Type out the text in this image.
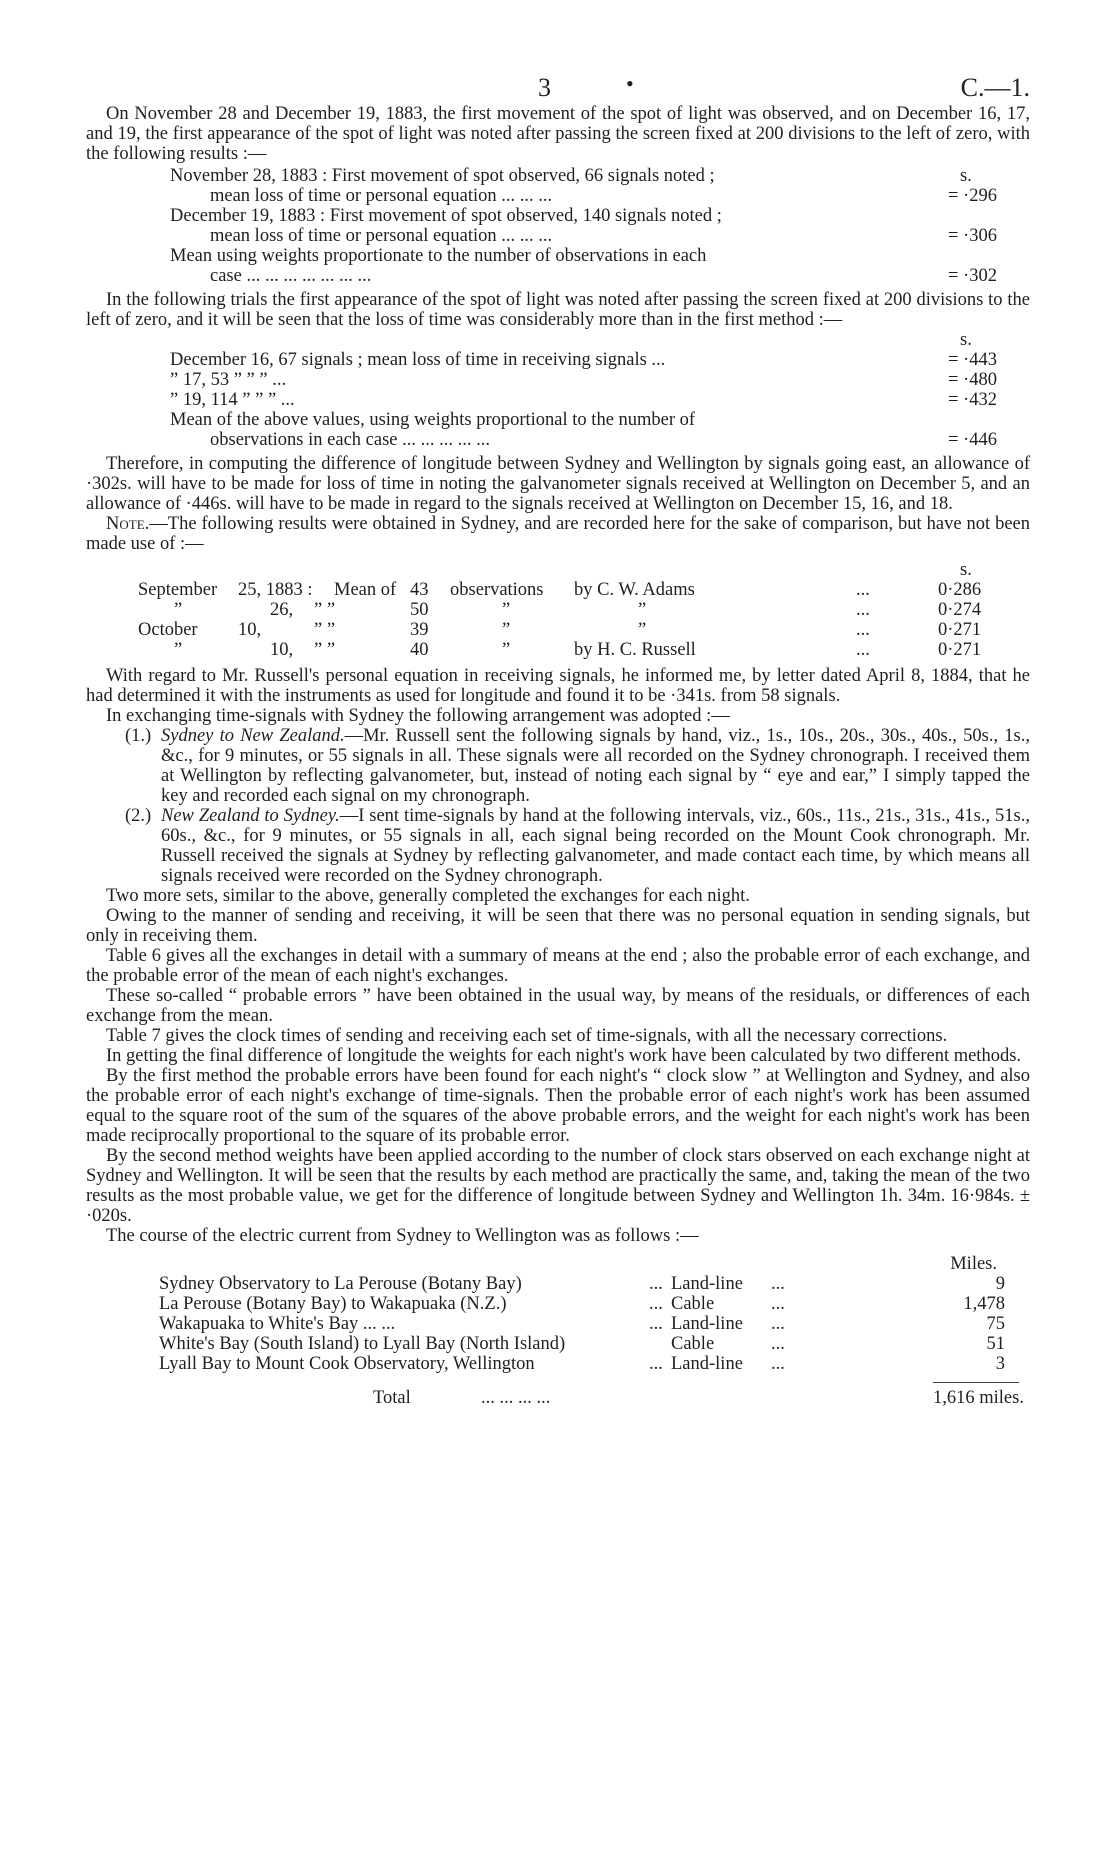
3	•	C.—1.

On November 28 and December 19, 1883, the first movement of the spot of light was observed, and on December 16, 17, and 19, the first appearance of the spot of light was noted after passing the screen fixed at 200 divisions to the left of zero, with the following results :—

November 28, 1883 : First movement of spot observed, 66 signals noted ;	s.
mean loss of time or personal equation ... ... ...	= ·296
December 19, 1883 : First movement of spot observed, 140 signals noted ;
mean loss of time or personal equation ... ... ...	= ·306
Mean using weights proportionate to the number of observations in each
case ... ... ... ... ... ... ...	= ·302

In the following trials the first appearance of the spot of light was noted after passing the screen fixed at 200 divisions to the left of zero, and it will be seen that the loss of time was considerably more than in the first method :—

s.
December 16, 67 signals ; mean loss of time in receiving signals ...	= ·443
” 17, 53 ” ” ” ...	= ·480
” 19, 114 ” ” ” ...	= ·432
Mean of the above values, using weights proportional to the number of
observations in each case ... ... ... ... ...	= ·446

Therefore, in computing the difference of longitude between Sydney and Wellington by signals going east, an allowance of ·302s. will have to be made for loss of time in noting the galvanometer signals received at Wellington on December 5, and an allowance of ·446s. will have to be made in regard to the signals received at Wellington on December 15, 16, and 18.

Note.—The following results were obtained in Sydney, and are recorded here for the sake of comparison, but have not been made use of :—

s.
September 25, 1883 : Mean of 43 observations by C. W. Adams	...	0·286
”	26, ” ”	50	”	”	...	0·274
October 10,	” ”	39	”	”	...	0·271
”	10, ” ”	40	”	by H. C. Russell	...	0·271

With regard to Mr. Russell's personal equation in receiving signals, he informed me, by letter dated April 8, 1884, that he had determined it with the instruments as used for longitude and found it to be ·341s. from 58 signals.

In exchanging time-signals with Sydney the following arrangement was adopted :—

(1.) Sydney to New Zealand.—Mr. Russell sent the following signals by hand, viz., 1s., 10s., 20s., 30s., 40s., 50s., 1s., &c., for 9 minutes, or 55 signals in all. These signals were all recorded on the Sydney chronograph. I received them at Wellington by reflecting galvanometer, but, instead of noting each signal by “ eye and ear,” I simply tapped the key and recorded each signal on my chronograph.
(2.) New Zealand to Sydney.—I sent time-signals by hand at the following intervals, viz., 60s., 11s., 21s., 31s., 41s., 51s., 60s., &c., for 9 minutes, or 55 signals in all, each signal being recorded on the Mount Cook chronograph. Mr. Russell received the signals at Sydney by reflecting galvanometer, and made contact each time, by which means all signals received were recorded on the Sydney chronograph.

Two more sets, similar to the above, generally completed the exchanges for each night.

Owing to the manner of sending and receiving, it will be seen that there was no personal equation in sending signals, but only in receiving them.

Table 6 gives all the exchanges in detail with a summary of means at the end ; also the probable error of each exchange, and the probable error of the mean of each night's exchanges.

These so-called “ probable errors ” have been obtained in the usual way, by means of the residuals, or differences of each exchange from the mean.

Table 7 gives the clock times of sending and receiving each set of time-signals, with all the necessary corrections.

In getting the final difference of longitude the weights for each night's work have been calculated by two different methods.

By the first method the probable errors have been found for each night's “ clock slow ” at Wellington and Sydney, and also the probable error of each night's exchange of time-signals. Then the probable error of each night's work has been assumed equal to the square root of the sum of the squares of the above probable errors, and the weight for each night's work has been made reciprocally proportional to the square of its probable error.

By the second method weights have been applied according to the number of clock stars observed on each exchange night at Sydney and Wellington. It will be seen that the results by each method are practically the same, and, taking the mean of the two results as the most probable value, we get for the difference of longitude between Sydney and Wellington 1h. 34m. 16·984s. ± ·020s.

The course of the electric current from Sydney to Wellington was as follows :—

Miles.
Sydney Observatory to La Perouse (Botany Bay)	... Land-line ...	9
La Perouse (Botany Bay) to Wakapuaka (N.Z.)	... Cable	...	1,478
Wakapuaka to White's Bay ... ...	... Land-line ...	75
White's Bay (South Island) to Lyall Bay (North Island)	Cable	...	51
Lyall Bay to Mount Cook Observatory, Wellington	... Land-line ...	3
Total	... ... ... ...	1,616 miles.
